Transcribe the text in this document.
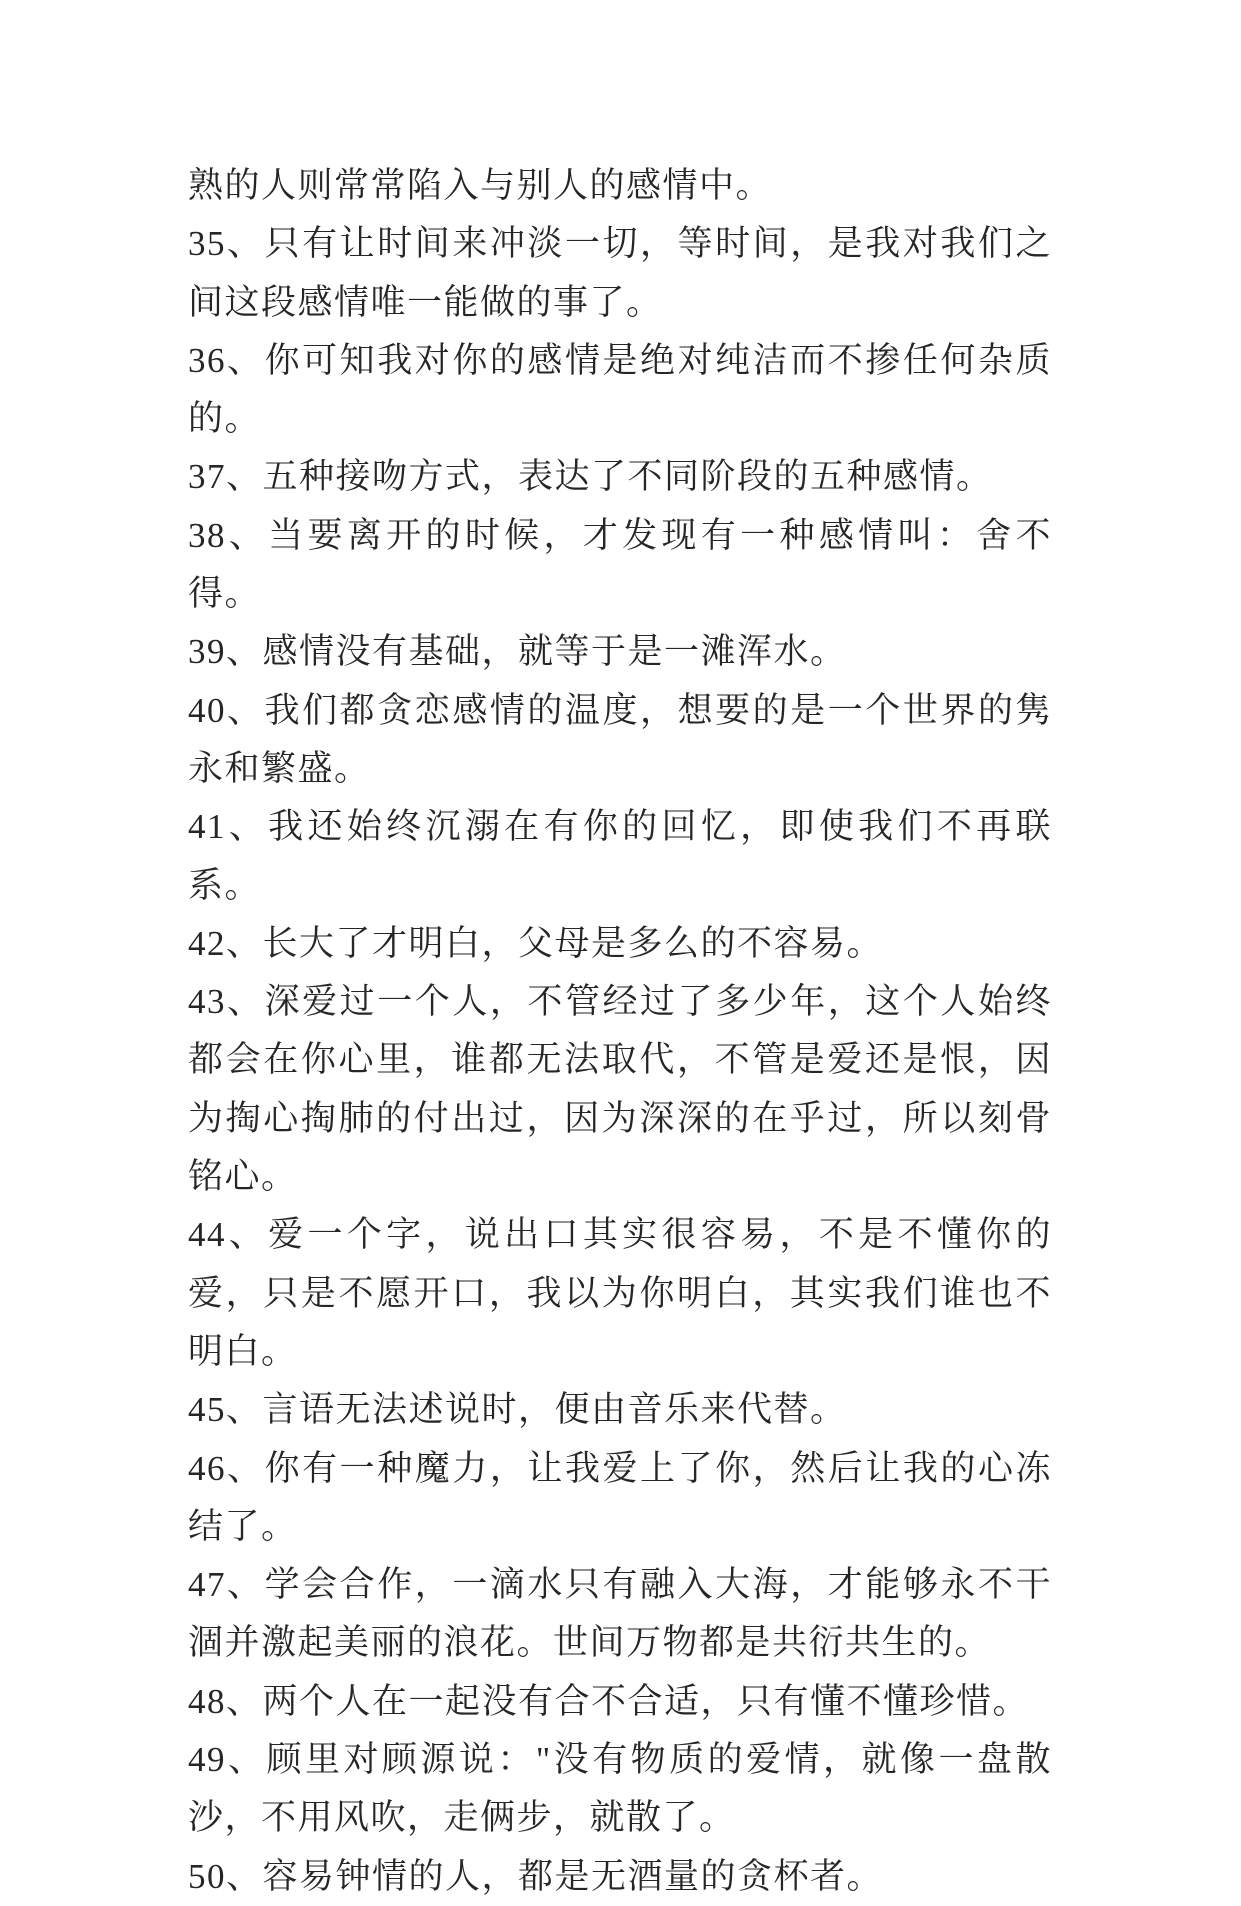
熟的人则常常陷入与别人的感情中。

35、只有让时间来冲淡一切，等时间，是我对我们之间这段感情唯一能做的事了。

36、你可知我对你的感情是绝对纯洁而不掺任何杂质的。

37、五种接吻方式，表达了不同阶段的五种感情。

38、当要离开的时候，才发现有一种感情叫：舍不得。

39、感情没有基础，就等于是一滩浑水。

40、我们都贪恋感情的温度，想要的是一个世界的隽永和繁盛。

41、我还始终沉溺在有你的回忆，即使我们不再联系。

42、长大了才明白，父母是多么的不容易。

43、深爱过一个人，不管经过了多少年，这个人始终都会在你心里，谁都无法取代，不管是爱还是恨，因为掏心掏肺的付出过，因为深深的在乎过，所以刻骨铭心。

44、爱一个字，说出口其实很容易，不是不懂你的爱，只是不愿开口，我以为你明白，其实我们谁也不明白。

45、言语无法述说时，便由音乐来代替。

46、你有一种魔力，让我爱上了你，然后让我的心冻结了。

47、学会合作，一滴水只有融入大海，才能够永不干涸并激起美丽的浪花。世间万物都是共衍共生的。

48、两个人在一起没有合不合适，只有懂不懂珍惜。

49、顾里对顾源说："没有物质的爱情，就像一盘散沙，不用风吹，走俩步，就散了。

50、容易钟情的人，都是无酒量的贪杯者。
